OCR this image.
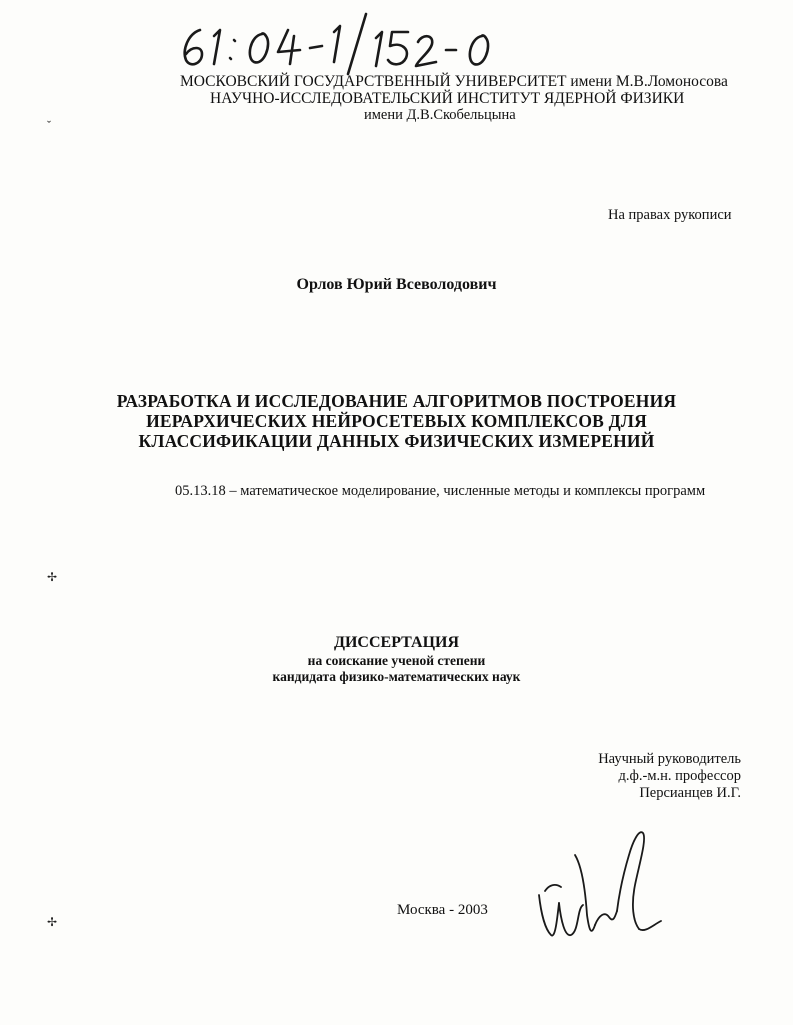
МОСКОВСКИЙ ГОСУДАРСТВЕННЫЙ УНИВЕРСИТЕТ имени М.В.Ломоносова
НАУЧНО-ИССЛЕДОВАТЕЛЬСКИЙ ИНСТИТУТ ЯДЕРНОЙ ФИЗИКИ
имени Д.В.Скобельцына
На правах рукописи
Орлов Юрий Всеволодович
РАЗРАБОТКА И ИССЛЕДОВАНИЕ АЛГОРИТМОВ ПОСТРОЕНИЯ
ИЕРАРХИЧЕСКИХ НЕЙРОСЕТЕВЫХ КОМПЛЕКСОВ ДЛЯ
КЛАССИФИКАЦИИ ДАННЫХ ФИЗИЧЕСКИХ ИЗМЕРЕНИЙ
05.13.18 – математическое моделирование, численные методы и комплексы программ
ДИССЕРТАЦИЯ
на соискание ученой степени
кандидата физико-математических наук
Научный руководитель
д.ф.-м.н. профессор
Персианцев И.Г.
Москва - 2003
ˇ
✢
✢
